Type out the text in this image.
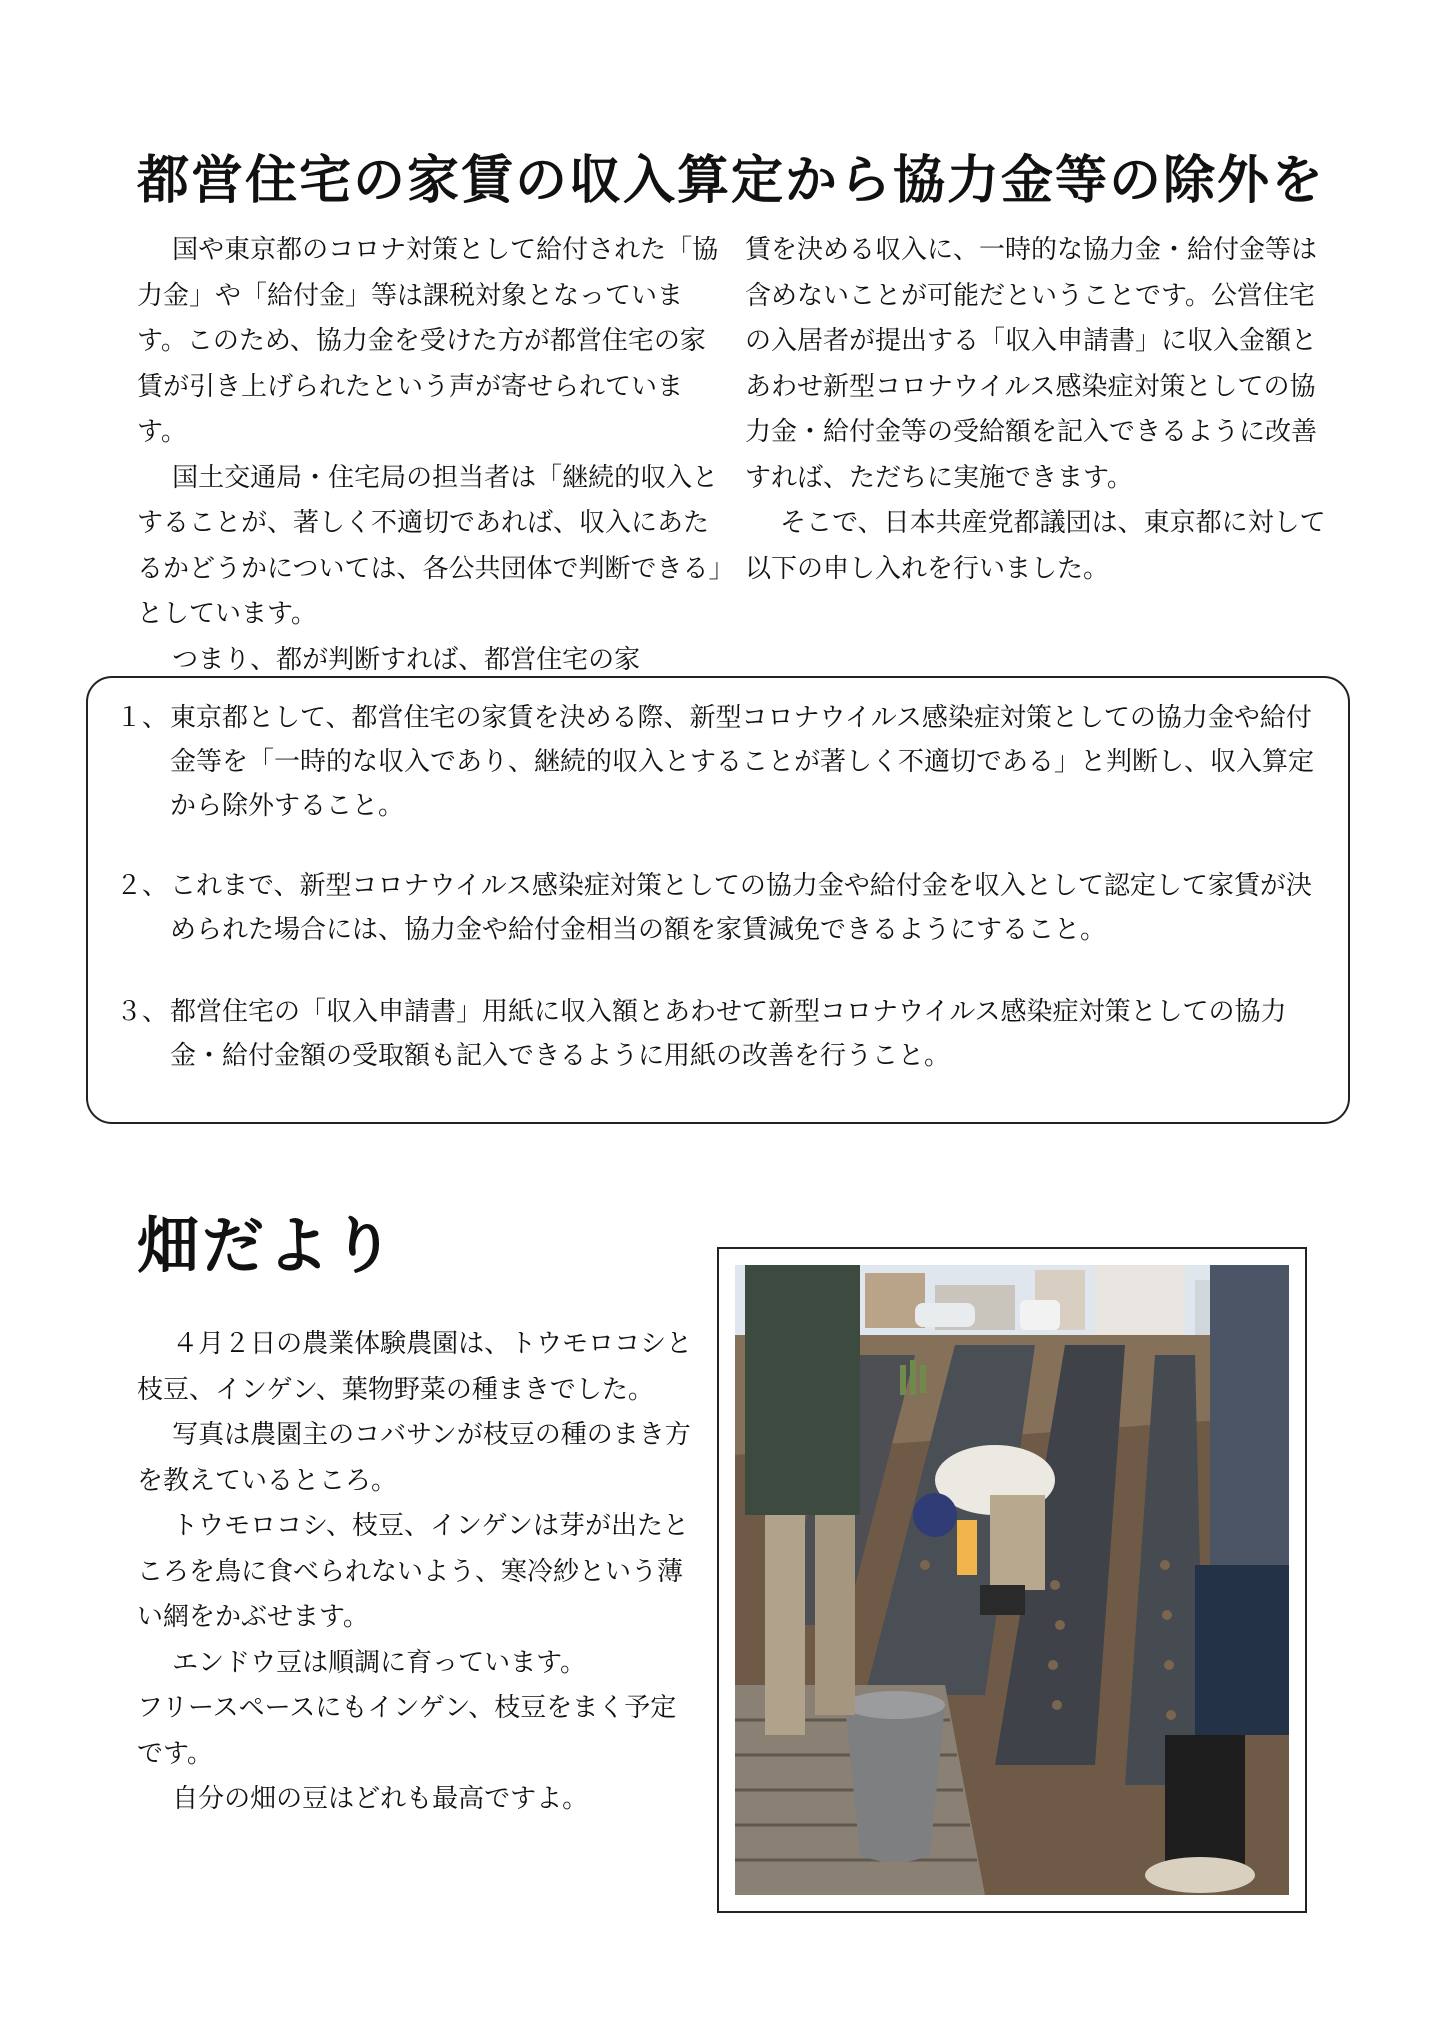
都営住宅の家賃の収入算定から協力金等の除外を

国や東京都のコロナ対策として給付された「協力金」や「給付金」等は課税対象となっています。このため、協力金を受けた方が都営住宅の家賃が引き上げられたという声が寄せられています。

国土交通局・住宅局の担当者は「継続的収入とすることが、著しく不適切であれば、収入にあたるかどうかについては、各公共団体で判断できる」としています。

つまり、都が判断すれば、都営住宅の家

賃を決める収入に、一時的な協力金・給付金等は含めないことが可能だということです。公営住宅の入居者が提出する「収入申請書」に収入金額とあわせ新型コロナウイルス感染症対策としての協力金・給付金等の受給額を記入できるように改善すれば、ただちに実施できます。

そこで、日本共産党都議団は、東京都に対して以下の申し入れを行いました。

１、 東京都として、都営住宅の家賃を決める際、新型コロナウイルス感染症対策としての協力金や給付金等を「一時的な収入であり、継続的収入とすることが著しく不適切である」と判断し、収入算定から除外すること。
２、 これまで、新型コロナウイルス感染症対策としての協力金や給付金を収入として認定して家賃が決められた場合には、協力金や給付金相当の額を家賃減免できるようにすること。
３、 都営住宅の「収入申請書」用紙に収入額とあわせて新型コロナウイルス感染症対策としての協力金・給付金額の受取額も記入できるように用紙の改善を行うこと。
畑だより

４月２日の農業体験農園は、トウモロコシと枝豆、インゲン、葉物野菜の種まきでした。

写真は農園主のコバサンが枝豆の種のまき方を教えているところ。

トウモロコシ、枝豆、インゲンは芽が出たところを鳥に食べられないよう、寒冷紗という薄い網をかぶせます。

エンドウ豆は順調に育っています。

フリースペースにもインゲン、枝豆をまく予定です。

自分の畑の豆はどれも最高ですよ。
